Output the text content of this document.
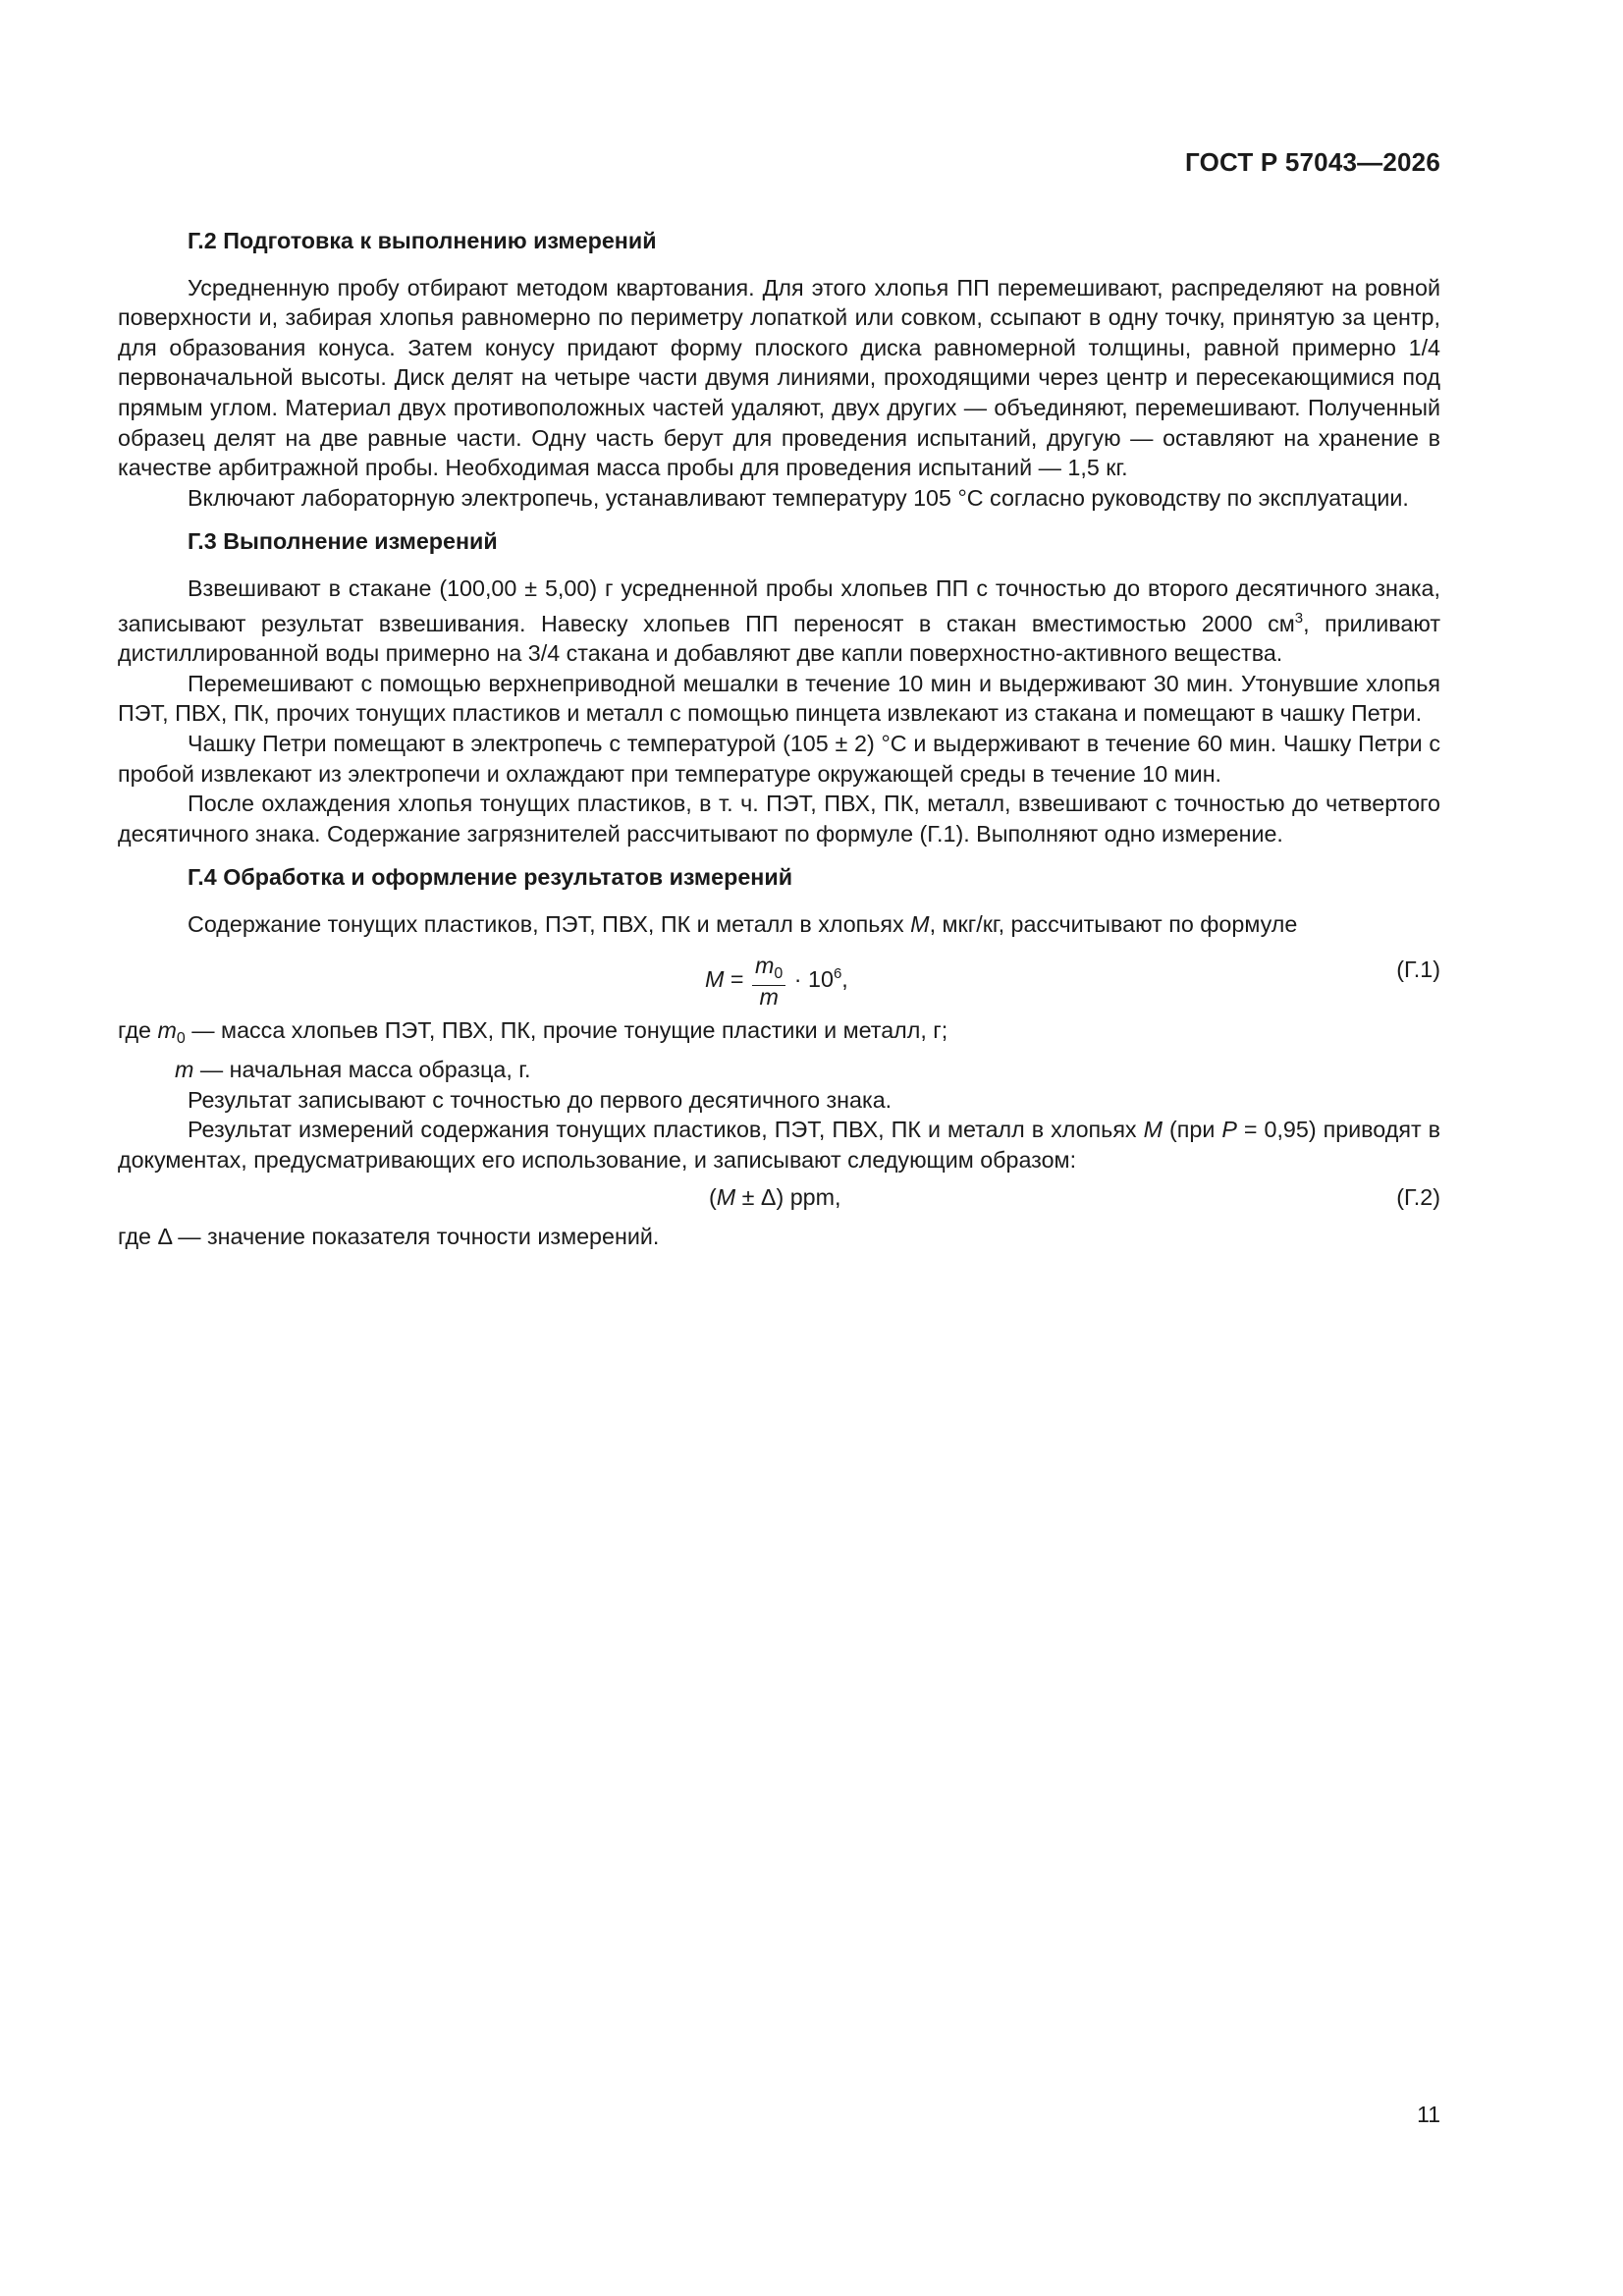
ГОСТ Р 57043—2026
Г.2 Подготовка к выполнению измерений

Усредненную пробу отбирают методом квартования. Для этого хлопья ПП перемешивают, распределяют на ровной поверхности и, забирая хлопья равномерно по периметру лопаткой или совком, ссыпают в одну точку, принятую за центр, для образования конуса. Затем конусу придают форму плоского диска равномерной толщины, равной примерно 1/4 первоначальной высоты. Диск делят на четыре части двумя линиями, проходящими через центр и пересекающимися под прямым углом. Материал двух противоположных частей удаляют, двух других — объединяют, перемешивают. Полученный образец делят на две равные части. Одну часть берут для проведения испытаний, другую — оставляют на хранение в качестве арбитражной пробы. Необходимая масса пробы для проведения испытаний — 1,5 кг.

Включают лабораторную электропечь, устанавливают температуру 105 °С согласно руководству по эксплуатации.

Г.3 Выполнение измерений

Взвешивают в стакане (100,00 ± 5,00) г усредненной пробы хлопьев ПП с точностью до второго десятичного знака, записывают результат взвешивания. Навеску хлопьев ПП переносят в стакан вместимостью 2000 $см^3$, приливают дистиллированной воды примерно на 3/4 стакана и добавляют две капли поверхностно-активного вещества.

Перемешивают с помощью верхнеприводной мешалки в течение 10 мин и выдерживают 30 мин. Утонувшие хлопья ПЭТ, ПВХ, ПК, прочих тонущих пластиков и металл с помощью пинцета извлекают из стакана и помещают в чашку Петри.

Чашку Петри помещают в электропечь с температурой (105 ± 2) °С и выдерживают в течение 60 мин. Чашку Петри с пробой извлекают из электропечи и охлаждают при температуре окружающей среды в течение 10 мин.

После охлаждения хлопья тонущих пластиков, в т. ч. ПЭТ, ПВХ, ПК, металл, взвешивают с точностью до четвертого десятичного знака. Содержание загрязнителей рассчитывают по формуле (Г.1). Выполняют одно измерение.

Г.4 Обработка и оформление результатов измерений

Содержание тонущих пластиков, ПЭТ, ПВХ, ПК и металл в хлопьях M, мкг/кг, рассчитывают по формуле

$M = \frac{m_0}{m} \cdot 10^6$,	(Г.1)

где $m_0$ — масса хлопьев ПЭТ, ПВХ, ПК, прочие тонущие пластики и металл, г;

m — начальная масса образца, г.

Результат записывают с точностью до первого десятичного знака.

Результат измерений содержания тонущих пластиков, ПЭТ, ПВХ, ПК и металл в хлопьях M (при P = 0,95) приводят в документах, предусматривающих его использование, и записывают следующим образом:

(M ± Δ) ppm,	(Г.2)

где Δ — значение показателя точности измерений.

11
